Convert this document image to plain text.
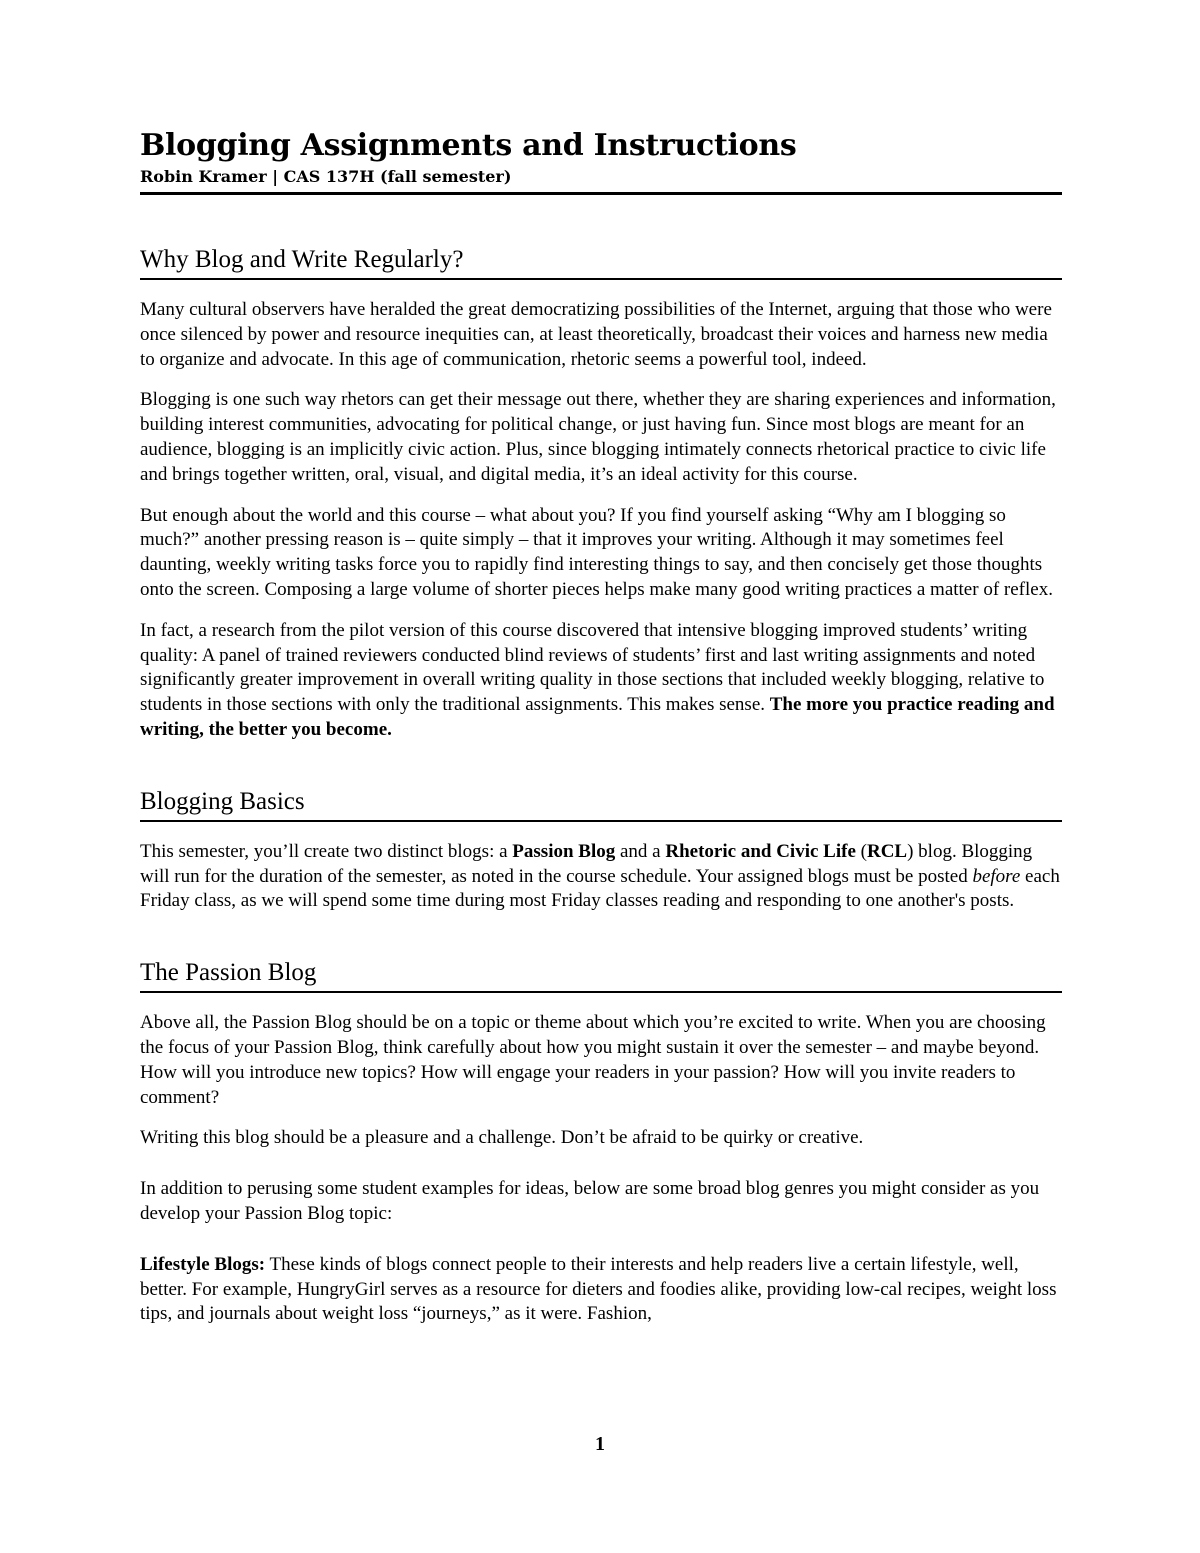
Blogging Assignments and Instructions

Robin Kramer | CAS 137H (fall semester)

Why Blog and Write Regularly?

Many cultural observers have heralded the great democratizing possibilities of the Internet, arguing that those who were once silenced by power and resource inequities can, at least theoretically, broadcast their voices and harness new media to organize and advocate. In this age of communication, rhetoric seems a powerful tool, indeed.

Blogging is one such way rhetors can get their message out there, whether they are sharing experiences and information, building interest communities, advocating for political change, or just having fun. Since most blogs are meant for an audience, blogging is an implicitly civic action. Plus, since blogging intimately connects rhetorical practice to civic life and brings together written, oral, visual, and digital media, it’s an ideal activity for this course.

But enough about the world and this course – what about you? If you find yourself asking “Why am I blogging so much?” another pressing reason is – quite simply – that it improves your writing. Although it may sometimes feel daunting, weekly writing tasks force you to rapidly find interesting things to say, and then concisely get those thoughts onto the screen. Composing a large volume of shorter pieces helps make many good writing practices a matter of reflex.

In fact, a research from the pilot version of this course discovered that intensive blogging improved students’ writing quality: A panel of trained reviewers conducted blind reviews of students’ first and last writing assignments and noted significantly greater improvement in overall writing quality in those sections that included weekly blogging, relative to students in those sections with only the traditional assignments. This makes sense. The more you practice reading and writing, the better you become.

Blogging Basics

This semester, you’ll create two distinct blogs: a Passion Blog and a Rhetoric and Civic Life (RCL) blog. Blogging will run for the duration of the semester, as noted in the course schedule. Your assigned blogs must be posted before each Friday class, as we will spend some time during most Friday classes reading and responding to one another's posts.

The Passion Blog

Above all, the Passion Blog should be on a topic or theme about which you’re excited to write. When you are choosing the focus of your Passion Blog, think carefully about how you might sustain it over the semester – and maybe beyond. How will you introduce new topics? How will engage your readers in your passion? How will you invite readers to comment?

Writing this blog should be a pleasure and a challenge. Don’t be afraid to be quirky or creative.

In addition to perusing some student examples for ideas, below are some broad blog genres you might consider as you develop your Passion Blog topic:

Lifestyle Blogs: These kinds of blogs connect people to their interests and help readers live a certain lifestyle, well, better. For example, HungryGirl serves as a resource for dieters and foodies alike, providing low-cal recipes, weight loss tips, and journals about weight loss “journeys,” as it were. Fashion,

1
